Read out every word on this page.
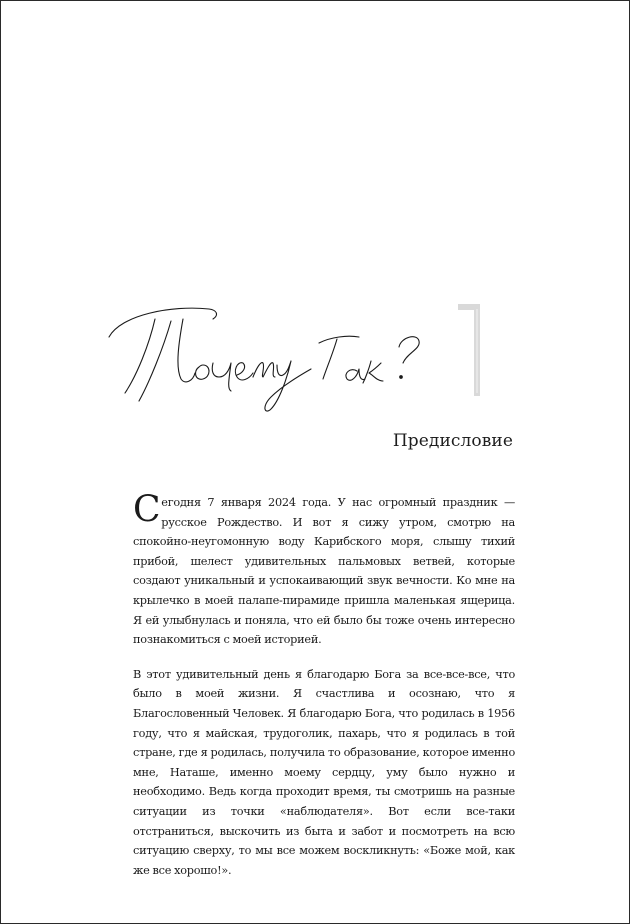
Предисловие

Сегодня 7 января 2024 года. У нас огромный праздник — русское Рождество. И вот я сижу утром, смотрю на спокойно-неугомонную воду Карибского моря, слышу тихий прибой, шелест удивительных пальмовых ветвей, которые создают уникальный и успокаивающий звук вечности. Ко мне на крылечко в моей палапе-пирамиде пришла маленькая ящерица. Я ей улыбнулась и поняла, что ей было бы тоже очень интересно познакомиться с моей историей.

В этот удивительный день я благодарю Бога за все-все-все, что было в моей жизни. Я счастлива и осознаю, что я Благословенный Человек. Я благодарю Бога, что родилась в 1956 году, что я майская, трудоголик, пахарь, что я родилась в той стране, где я родилась, получила то образование, которое именно мне, Наташе, именно моему сердцу, уму было нужно и необходимо. Ведь когда проходит время, ты смотришь на разные ситуации из точки «наблюдателя». Вот если все-таки отстраниться, выскочить из быта и забот и посмотреть на всю ситуацию сверху, то мы все можем воскликнуть: «Боже мой, как же все хорошо!».
